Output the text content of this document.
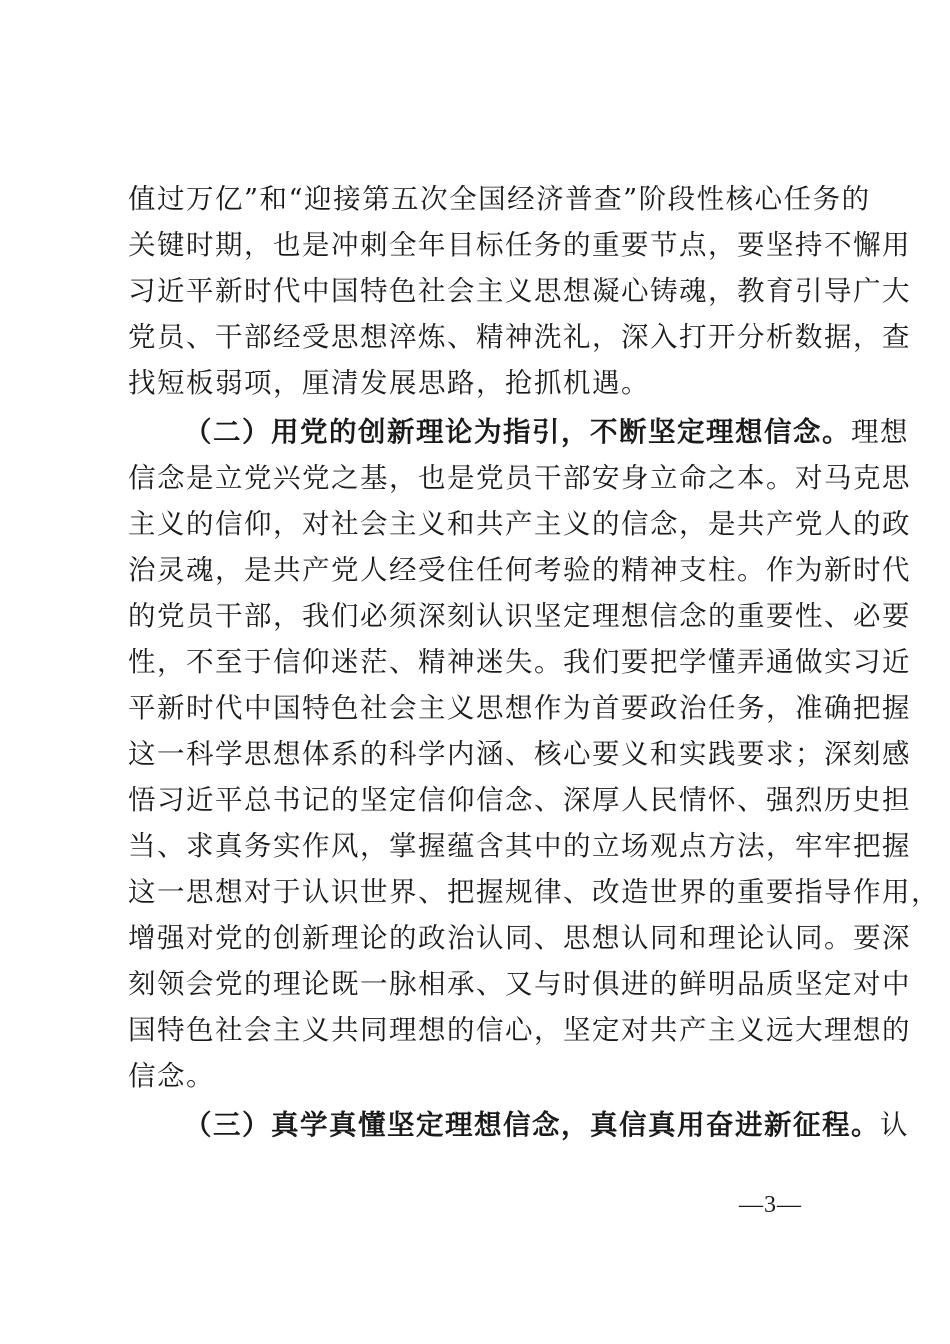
值过万亿”和“迎接第五次全国经济普查”阶段性核心任务的
关键时期，也是冲刺全年目标任务的重要节点，要坚持不懈用
习近平新时代中国特色社会主义思想凝心铸魂，教育引导广大
党员、干部经受思想淬炼、精神洗礼，深入打开分析数据，查
找短板弱项，厘清发展思路，抢抓机遇。
（二）用党的创新理论为指引，不断坚定理想信念。理想
信念是立党兴党之基，也是党员干部安身立命之本。对马克思
主义的信仰，对社会主义和共产主义的信念，是共产党人的政
治灵魂，是共产党人经受住任何考验的精神支柱。作为新时代
的党员干部，我们必须深刻认识坚定理想信念的重要性、必要
性，不至于信仰迷茫、精神迷失。我们要把学懂弄通做实习近
平新时代中国特色社会主义思想作为首要政治任务，准确把握
这一科学思想体系的科学内涵、核心要义和实践要求；深刻感
悟习近平总书记的坚定信仰信念、深厚人民情怀、强烈历史担
当、求真务实作风，掌握蕴含其中的立场观点方法，牢牢把握
这一思想对于认识世界、把握规律、改造世界的重要指导作用，
增强对党的创新理论的政治认同、思想认同和理论认同。要深
刻领会党的理论既一脉相承、又与时俱进的鲜明品质坚定对中
国特色社会主义共同理想的信心，坚定对共产主义远大理想的
信念。
（三）真学真懂坚定理想信念，真信真用奋进新征程。认
—3—
